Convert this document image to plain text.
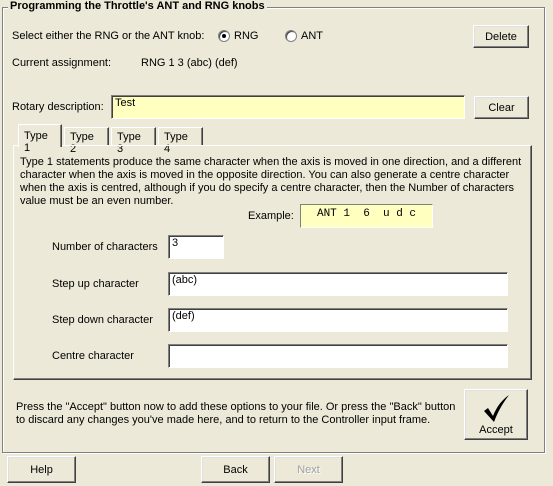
Programming the Throttle's ANT and RNG knobs
Select either the RNG or the ANT knob:	RNG	ANT	Delete
Current assignment:	RNG 1 3 (abc) (def)
Rotary description:	Test	Clear
Type 1
Type 2
Type 3
Type 4
Type 1 statements produce the same character when the axis is moved in one direction, and a different character when the axis is moved in the opposite direction. You can also generate a centre character when the axis is centred, although if you do specify a centre character, then the Number of characters value must be an even number.
Example:	ANT 1  6  u d c
Number of characters	3
Step up character	(abc)
Step down character	(def)
Centre character
Press the "Accept" button now to add these options to your file. Or press the "Back" button to discard any changes you've made here, and to return to the Controller input frame.
Accept
Help	Back	Next
